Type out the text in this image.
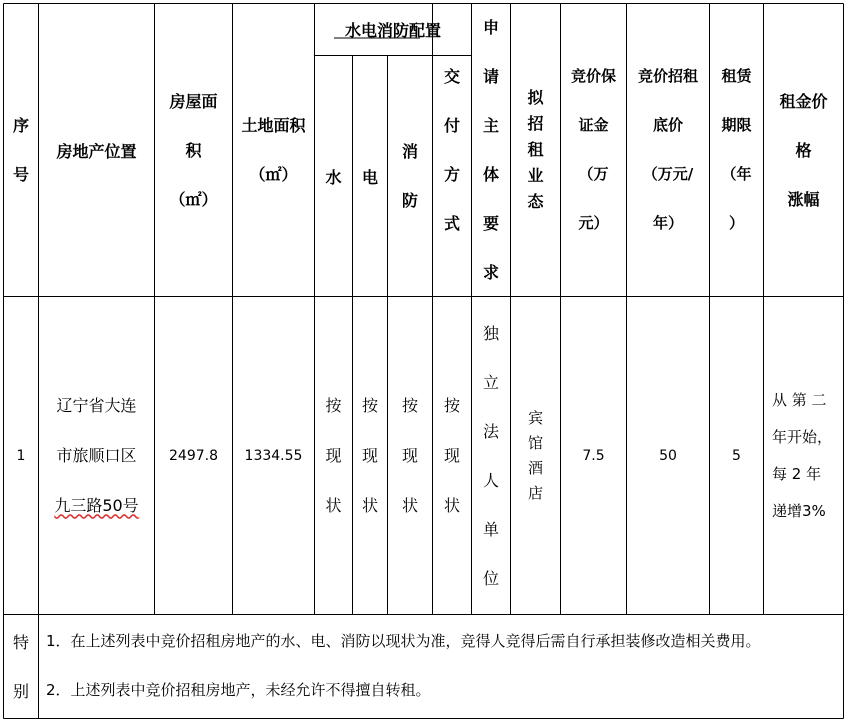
序
号
房地产位置
房屋面
积
（㎡）
土地面积
（㎡）
水电消防配置
水 电
消
防
交
付
方
式
申
请
主
体
要
求
拟
招
租
业
态
竞价保
证金
（万
元）
竞价招租
底价
（万元/
年）
租赁
期限
（年
）
租金价
格
涨幅
1
辽宁省大连
市旅顺口区
九三路50号
2497.8 1334.55
按
现
状
按
现
状
按
现
状
按
现
状
独
立
法
人
单
位
宾
馆
酒
店
7.5	50	5
从 第 二
年开始，
每 2 年
递增3%
特
别
1．在上述列表中竞价招租房地产的水、电、消防以现状为准，竞得人竞得后需自行承担装修改造相关费用。
2．上述列表中竞价招租房地产，未经允许不得擅自转租。
